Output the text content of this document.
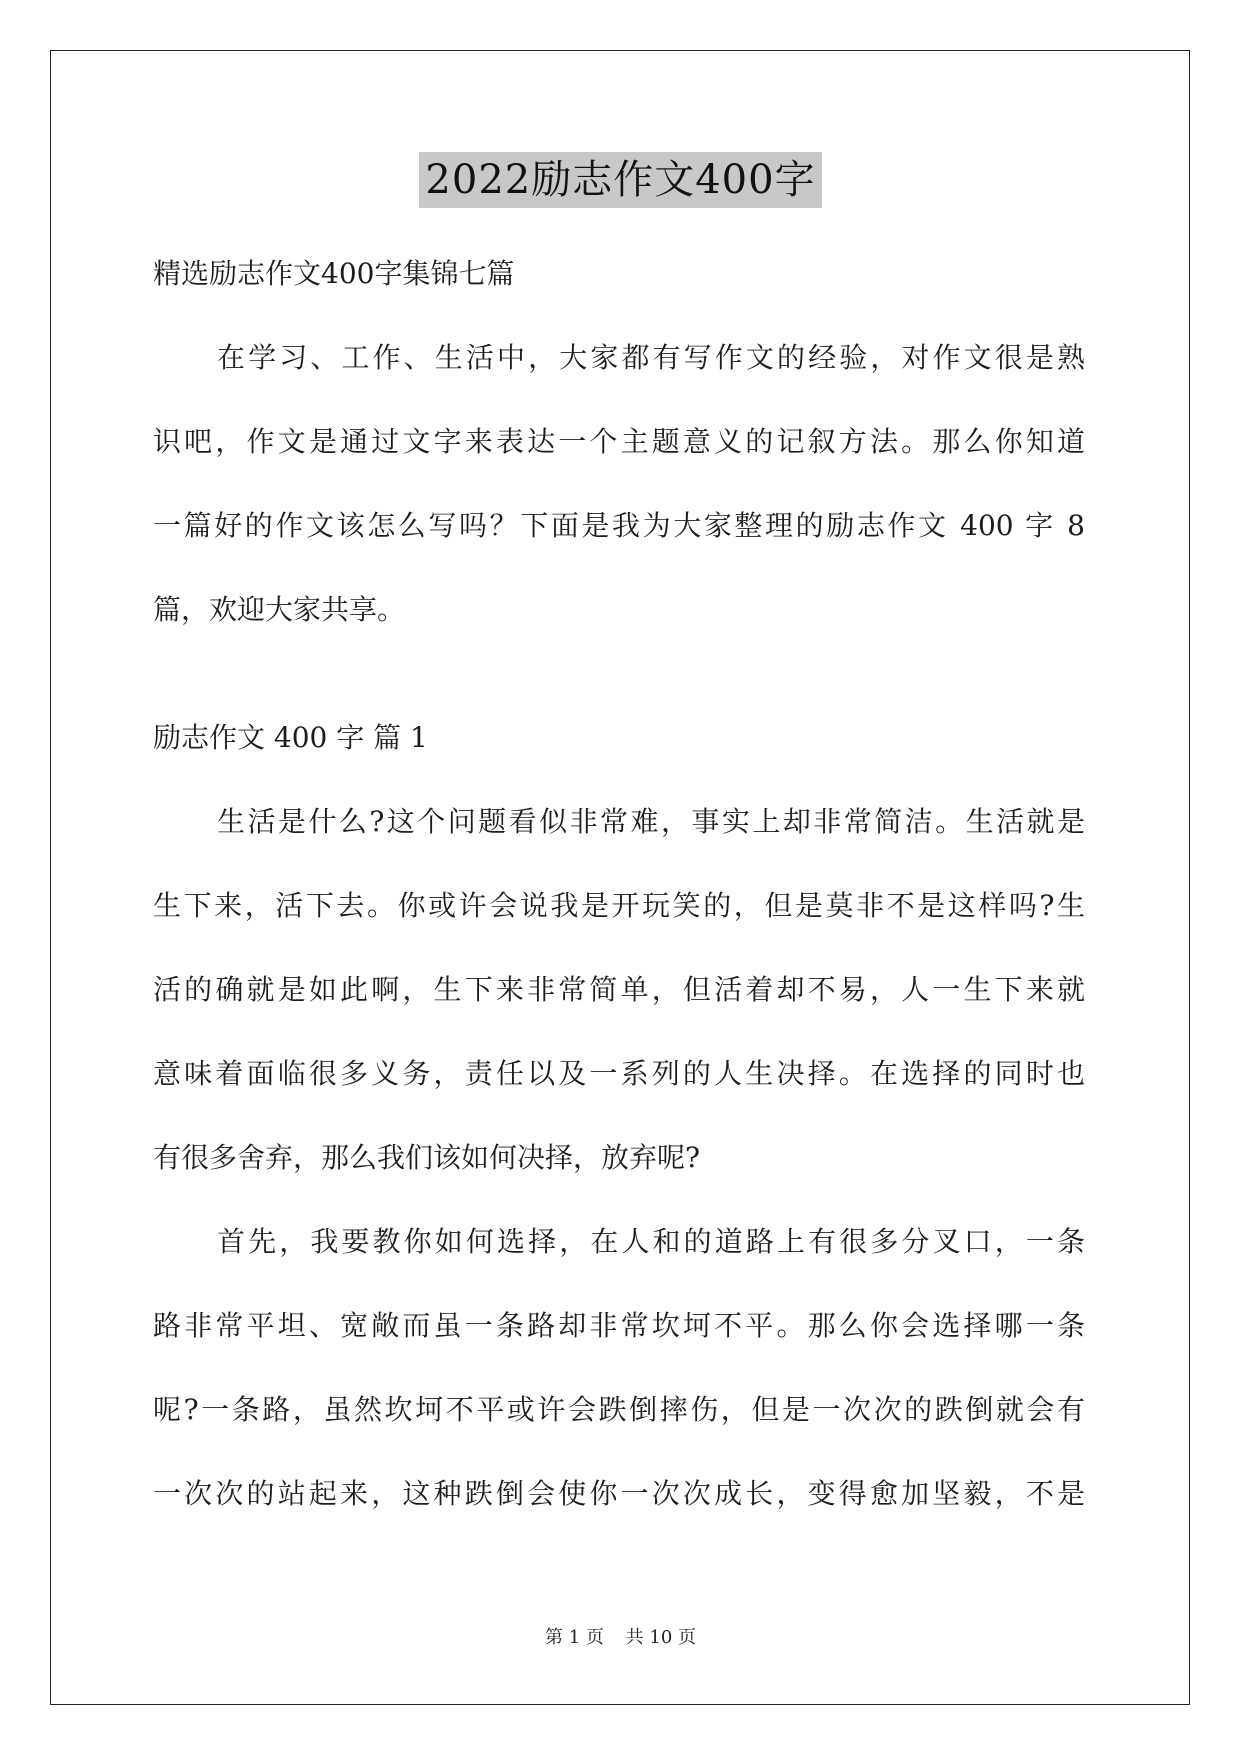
2022励志作文400字
精选励志作文400字集锦七篇
在学习、工作、生活中，大家都有写作文的经验，对作文很是熟
识吧，作文是通过文字来表达一个主题意义的记叙方法。那么你知道
一篇好的作文该怎么写吗？下面是我为大家整理的励志作文 400 字 8
篇，欢迎大家共享。
励志作文 400 字 篇 1
生活是什么?这个问题看似非常难，事实上却非常简洁。生活就是
生下来，活下去。你或许会说我是开玩笑的，但是莫非不是这样吗?生
活的确就是如此啊，生下来非常简单，但活着却不易，人一生下来就
意味着面临很多义务，责任以及一系列的人生决择。在选择的同时也
有很多舍弃，那么我们该如何决择，放弃呢?
首先，我要教你如何选择，在人和的道路上有很多分叉口，一条
路非常平坦、宽敞而虽一条路却非常坎坷不平。那么你会选择哪一条
呢?一条路，虽然坎坷不平或许会跌倒摔伤，但是一次次的跌倒就会有
一次次的站起来，这种跌倒会使你一次次成长，变得愈加坚毅，不是
第 1 页 共 10 页
